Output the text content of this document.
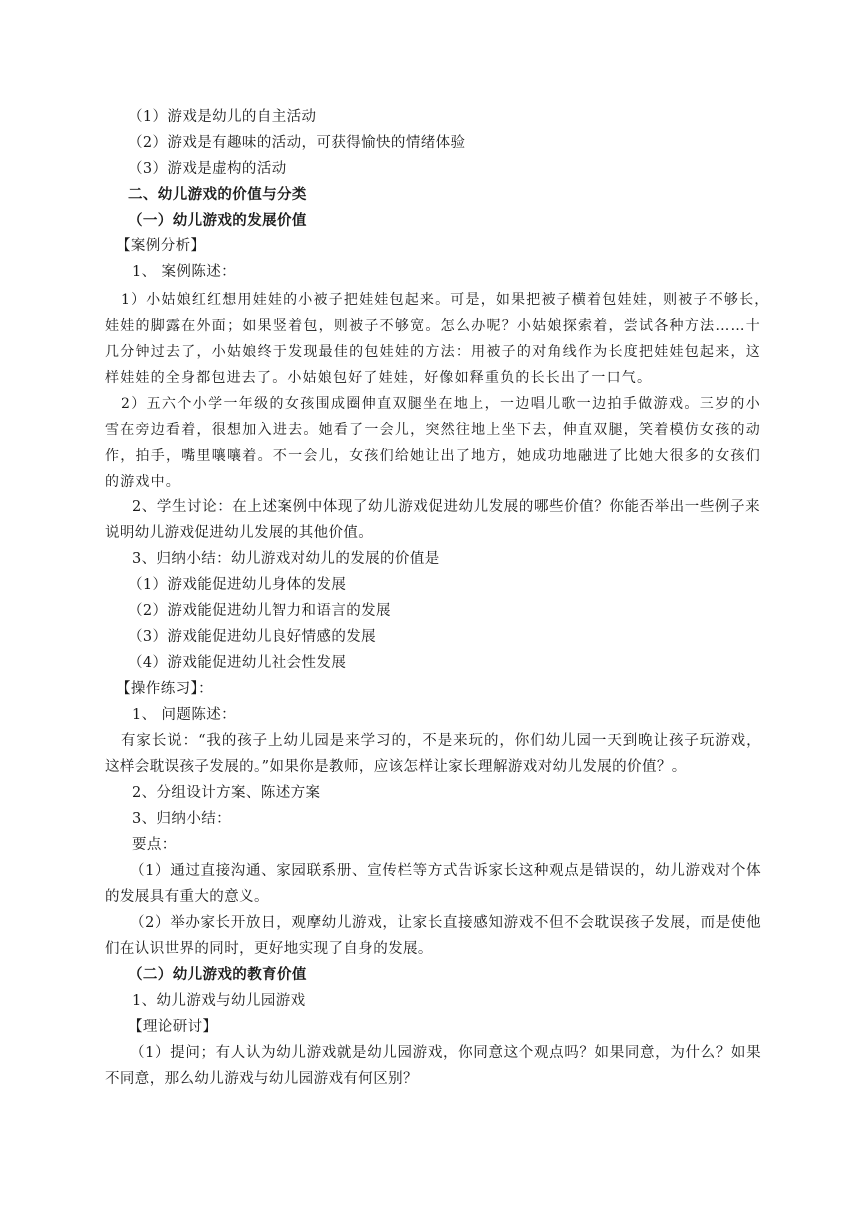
（1）游戏是幼儿的自主活动

（2）游戏是有趣味的活动，可获得愉快的情绪体验

（3）游戏是虚构的活动

二、幼儿游戏的价值与分类

（一）幼儿游戏的发展价值

【案例分析】

1、 案例陈述：

1）小姑娘红红想用娃娃的小被子把娃娃包起来。可是，如果把被子横着包娃娃，则被子不够长，

娃娃的脚露在外面；如果竖着包，则被子不够宽。怎么办呢？小姑娘探索着，尝试各种方法……十

几分钟过去了，小姑娘终于发现最佳的包娃娃的方法：用被子的对角线作为长度把娃娃包起来，这

样娃娃的全身都包进去了。小姑娘包好了娃娃，好像如释重负的长长出了一口气。

2）五六个小学一年级的女孩围成圈伸直双腿坐在地上，一边唱儿歌一边拍手做游戏。三岁的小

雪在旁边看着，很想加入进去。她看了一会儿，突然往地上坐下去，伸直双腿，笑着模仿女孩的动

作，拍手，嘴里嚷嚷着。不一会儿，女孩们给她让出了地方，她成功地融进了比她大很多的女孩们

的游戏中。

2、学生讨论：在上述案例中体现了幼儿游戏促进幼儿发展的哪些价值？你能否举出一些例子来

说明幼儿游戏促进幼儿发展的其他价值。

3、归纳小结：幼儿游戏对幼儿的发展的价值是

（1）游戏能促进幼儿身体的发展

（2）游戏能促进幼儿智力和语言的发展

（3）游戏能促进幼儿良好情感的发展

（4）游戏能促进幼儿社会性发展

【操作练习】：

1、 问题陈述：

有家长说：“我的孩子上幼儿园是来学习的，不是来玩的，你们幼儿园一天到晚让孩子玩游戏，

这样会耽误孩子发展的。”如果你是教师，应该怎样让家长理解游戏对幼儿发展的价值？。

2、分组设计方案、陈述方案

3、归纳小结：

要点：

（1）通过直接沟通、家园联系册、宣传栏等方式告诉家长这种观点是错误的，幼儿游戏对个体

的发展具有重大的意义。

（2）举办家长开放日，观摩幼儿游戏，让家长直接感知游戏不但不会耽误孩子发展，而是使他

们在认识世界的同时，更好地实现了自身的发展。

（二）幼儿游戏的教育价值

1、幼儿游戏与幼儿园游戏

【理论研讨】

（1）提问；有人认为幼儿游戏就是幼儿园游戏，你同意这个观点吗？如果同意，为什么？如果

不同意，那么幼儿游戏与幼儿园游戏有何区别？
